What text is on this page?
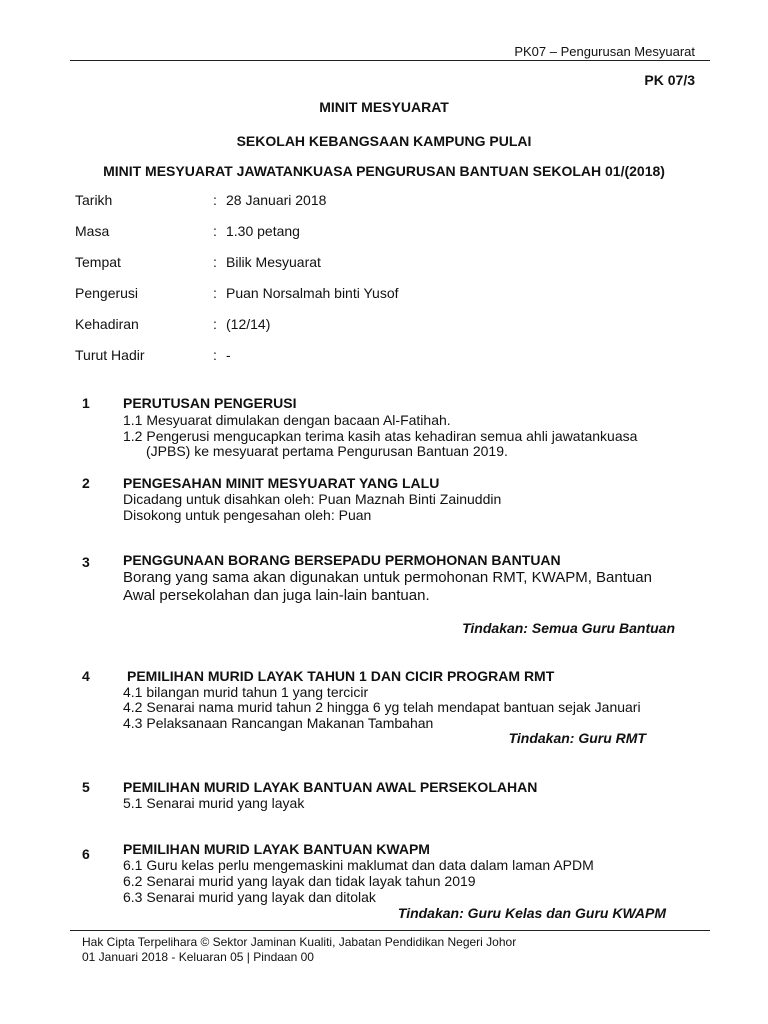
PK07 – Pengurusan Mesyuarat
PK 07/3
MINIT MESYUARAT
SEKOLAH KEBANGSAAN KAMPUNG PULAI
MINIT MESYUARAT JAWATANKUASA PENGURUSAN BANTUAN SEKOLAH 01/(2018)
Tarikh	: 28 Januari 2018
Masa	: 1.30 petang
Tempat	: Bilik Mesyuarat
Pengerusi	: Puan Norsalmah binti Yusof
Kehadiran	: (12/14)
Turut Hadir	: -
1 PERUTUSAN PENGERUSI
1.1 Mesyuarat dimulakan dengan bacaan Al-Fatihah.
1.2 Pengerusi mengucapkan terima kasih atas kehadiran semua ahli jawatankuasa
(JPBS) ke mesyuarat pertama Pengurusan Bantuan 2019.
2 PENGESAHAN MINIT MESYUARAT YANG LALU
Dicadang untuk disahkan oleh: Puan Maznah Binti Zainuddin
Disokong untuk pengesahan oleh: Puan
3 PENGGUNAAN BORANG BERSEPADU PERMOHONAN BANTUAN
Borang yang sama akan digunakan untuk permohonan RMT, KWAPM, Bantuan
Awal persekolahan dan juga lain-lain bantuan.
Tindakan: Semua Guru Bantuan
4	PEMILIHAN MURID LAYAK TAHUN 1 DAN CICIR PROGRAM RMT
4.1 bilangan murid tahun 1 yang tercicir
4.2 Senarai nama murid tahun 2 hingga 6 yg telah mendapat bantuan sejak Januari
4.3 Pelaksanaan Rancangan Makanan Tambahan
Tindakan: Guru RMT
5 PEMILIHAN MURID LAYAK BANTUAN AWAL PERSEKOLAHAN
5.1 Senarai murid yang layak
6 PEMILIHAN MURID LAYAK BANTUAN KWAPM
6.1 Guru kelas perlu mengemaskini maklumat dan data dalam laman APDM
6.2 Senarai murid yang layak dan tidak layak tahun 2019
6.3 Senarai murid yang layak dan ditolak
Tindakan: Guru Kelas dan Guru KWAPM
Hak Cipta Terpelihara © Sektor Jaminan Kualiti, Jabatan Pendidikan Negeri Johor
01 Januari 2018 - Keluaran 05 | Pindaan 00
